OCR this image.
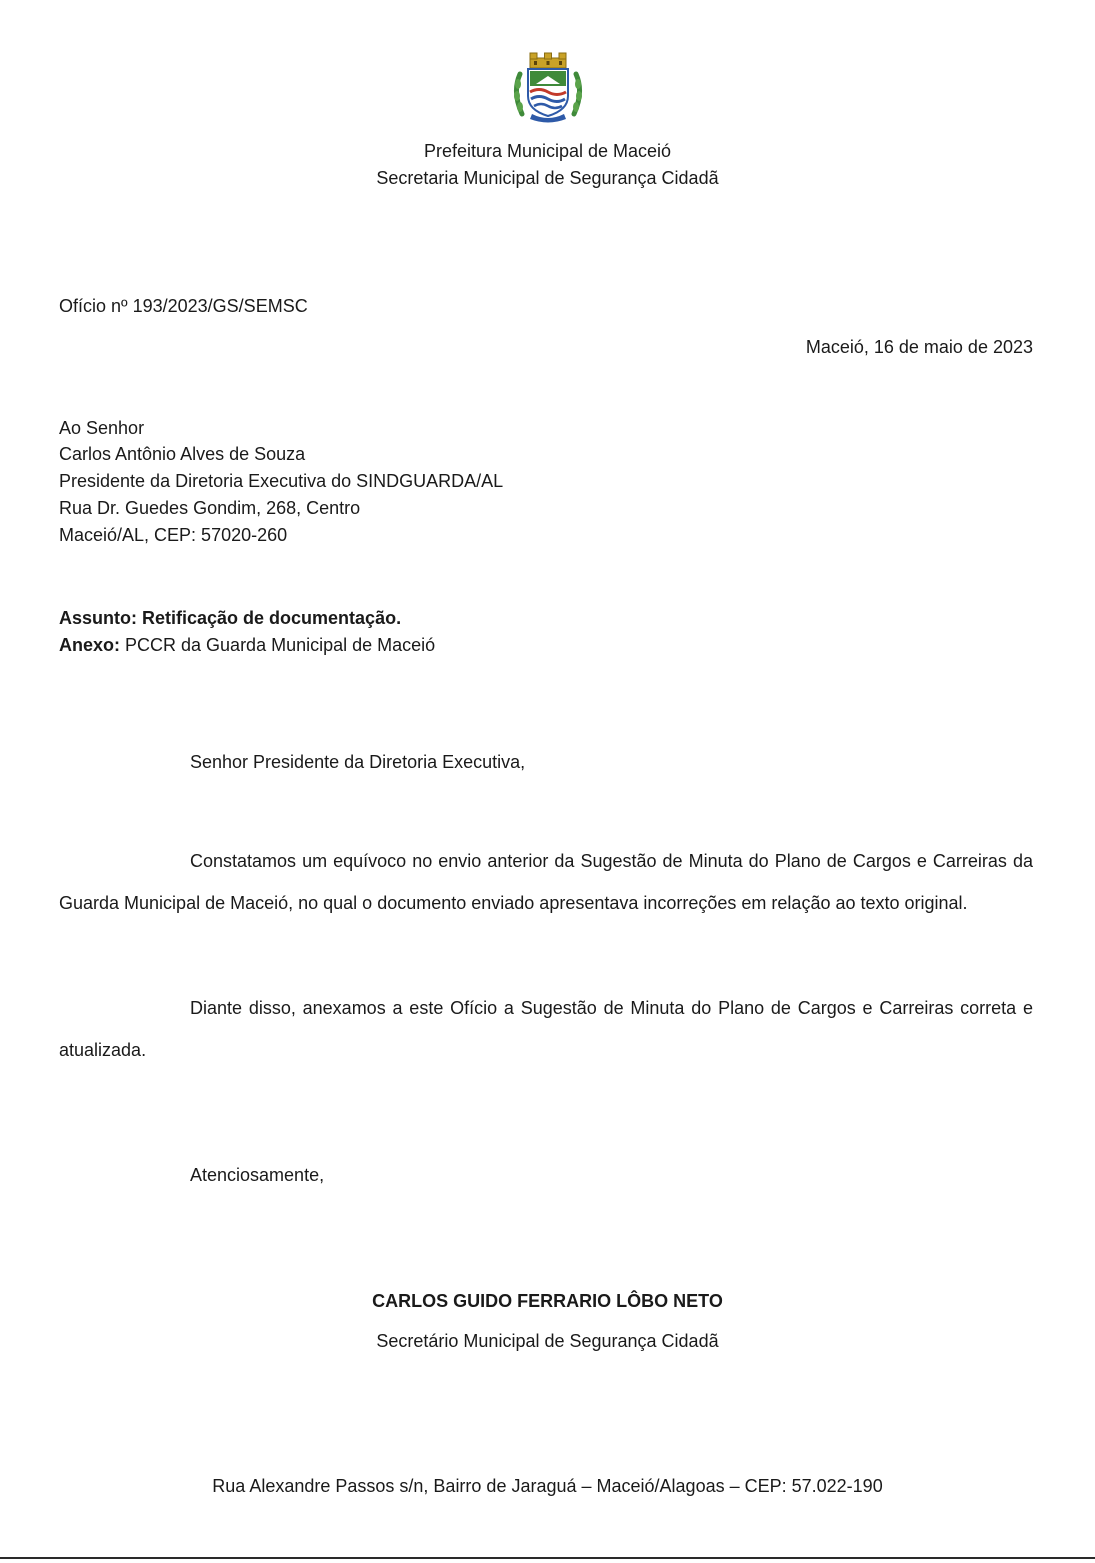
Prefeitura Municipal de Maceió
Secretaria Municipal de Segurança Cidadã
Ofício nº 193/2023/GS/SEMSC
Maceió, 16 de maio de 2023
Ao Senhor
Carlos Antônio Alves de Souza
Presidente da Diretoria Executiva do SINDGUARDA/AL
Rua Dr. Guedes Gondim, 268, Centro
Maceió/AL, CEP: 57020-260
Assunto: Retificação de documentação.
Anexo: PCCR da Guarda Municipal de Maceió
Senhor Presidente da Diretoria Executiva,

Constatamos um equívoco no envio anterior da Sugestão de Minuta do Plano de Cargos e Carreiras da Guarda Municipal de Maceió, no qual o documento enviado apresentava incorreções em relação ao texto original.

Diante disso, anexamos a este Ofício a Sugestão de Minuta do Plano de Cargos e Carreiras correta e atualizada.

Atenciosamente,
CARLOS GUIDO FERRARIO LÔBO NETO
Secretário Municipal de Segurança Cidadã
Rua Alexandre Passos s/n, Bairro de Jaraguá – Maceió/Alagoas – CEP: 57.022-190
